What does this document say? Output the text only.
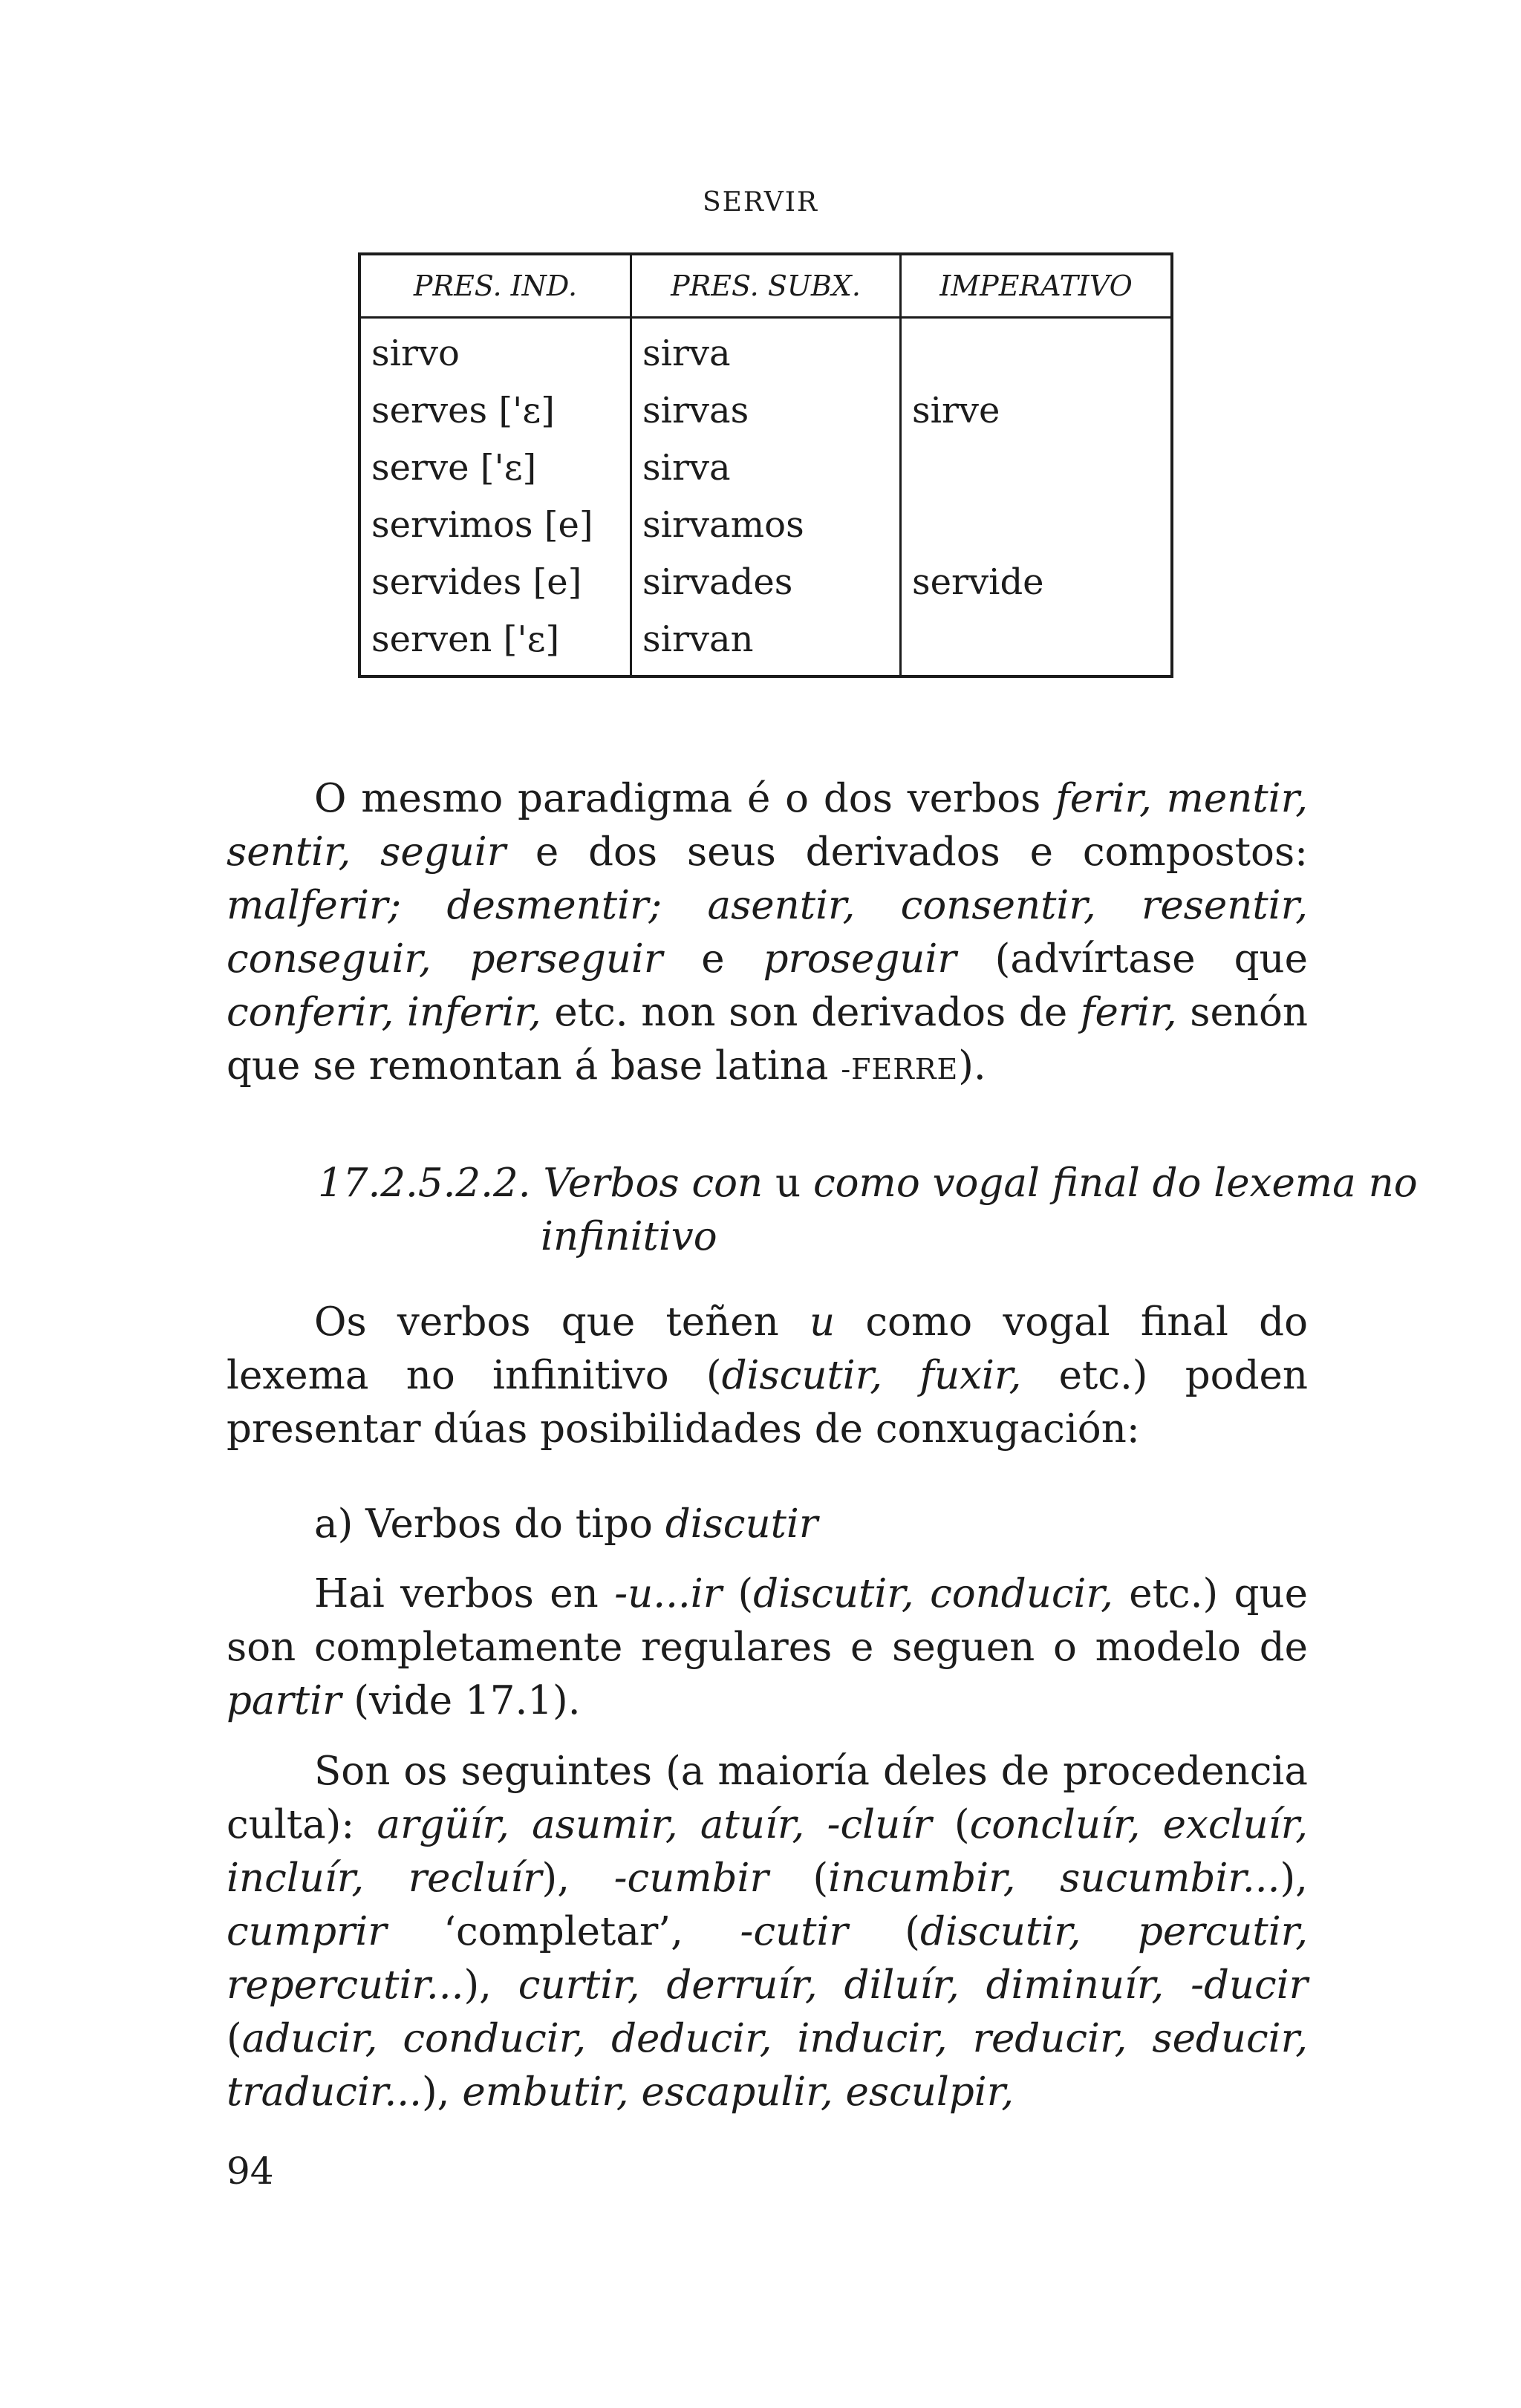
SERVIR
PRES. IND.	PRES. SUBX.	IMPERATIVO
sirvo	sirva	
serves ['ɛ]	sirvas	sirve
serve ['ɛ]	sirva	
servimos [e]	sirvamos	
servides [e]	sirvades	servide
serven ['ɛ]	sirvan	

O mesmo paradigma é o dos verbos ferir, mentir, sentir, seguir e dos seus derivados e compostos: malferir; desmentir; asentir, consentir, resentir, conseguir, perseguir e proseguir (advírtase que conferir, inferir, etc. non son derivados de ferir, senón que se remontan á base latina -FERRE).

17.2.5.2.2. Verbos con u como vogal final do lexema no
infinitivo

Os verbos que teñen u como vogal final do lexema no infinitivo (discutir, fuxir, etc.) poden presentar dúas posibilidades de conxugación:

a) Verbos do tipo discutir

Hai verbos en -u...ir (discutir, conducir, etc.) que son completamente regulares e seguen o modelo de partir (vide 17.1).

Son os seguintes (a maioría deles de procedencia culta): argüír, asumir, atuír, -cluír (concluír, excluír, incluír, recluír), -cumbir (incumbir, sucumbir...), cumprir ‘completar’, -cutir (discutir, percutir, repercutir...), curtir, derruír, diluír, diminuír, -ducir (aducir, conducir, deducir, inducir, reducir, seducir, traducir...), embutir, escapulir, esculpir,

94
